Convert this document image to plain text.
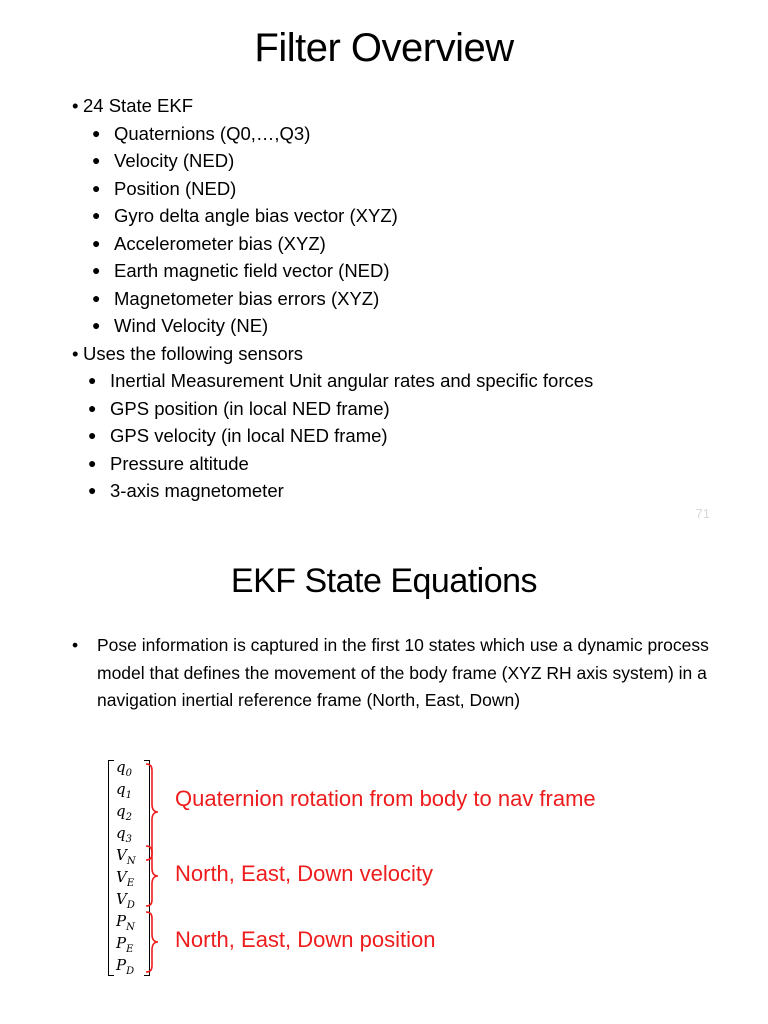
Filter Overview
• 24 State EKF
● Quaternions (Q0,…,Q3)
● Velocity (NED)
● Position (NED)
● Gyro delta angle bias vector (XYZ)
● Accelerometer bias (XYZ)
● Earth magnetic field vector (NED)
● Magnetometer bias errors (XYZ)
● Wind Velocity (NE)
• Uses the following sensors
● Inertial Measurement Unit angular rates and specific forces
● GPS position (in local NED frame)
● GPS velocity (in local NED frame)
● Pressure altitude
● 3-axis magnetometer
71
EKF State Equations
• Pose information is captured in the first 10 states which use a dynamic process model that defines the movement of the body frame (XYZ RH axis system) in a navigation inertial reference frame (North, East, Down)
$q_0$
$q_1$
$q_2$
$q_3$
$V_N$
$V_E$
$V_D$
$P_N$
$P_E$
$P_D$
Quaternion rotation from body to nav frame
North, East, Down velocity
North, East, Down position
